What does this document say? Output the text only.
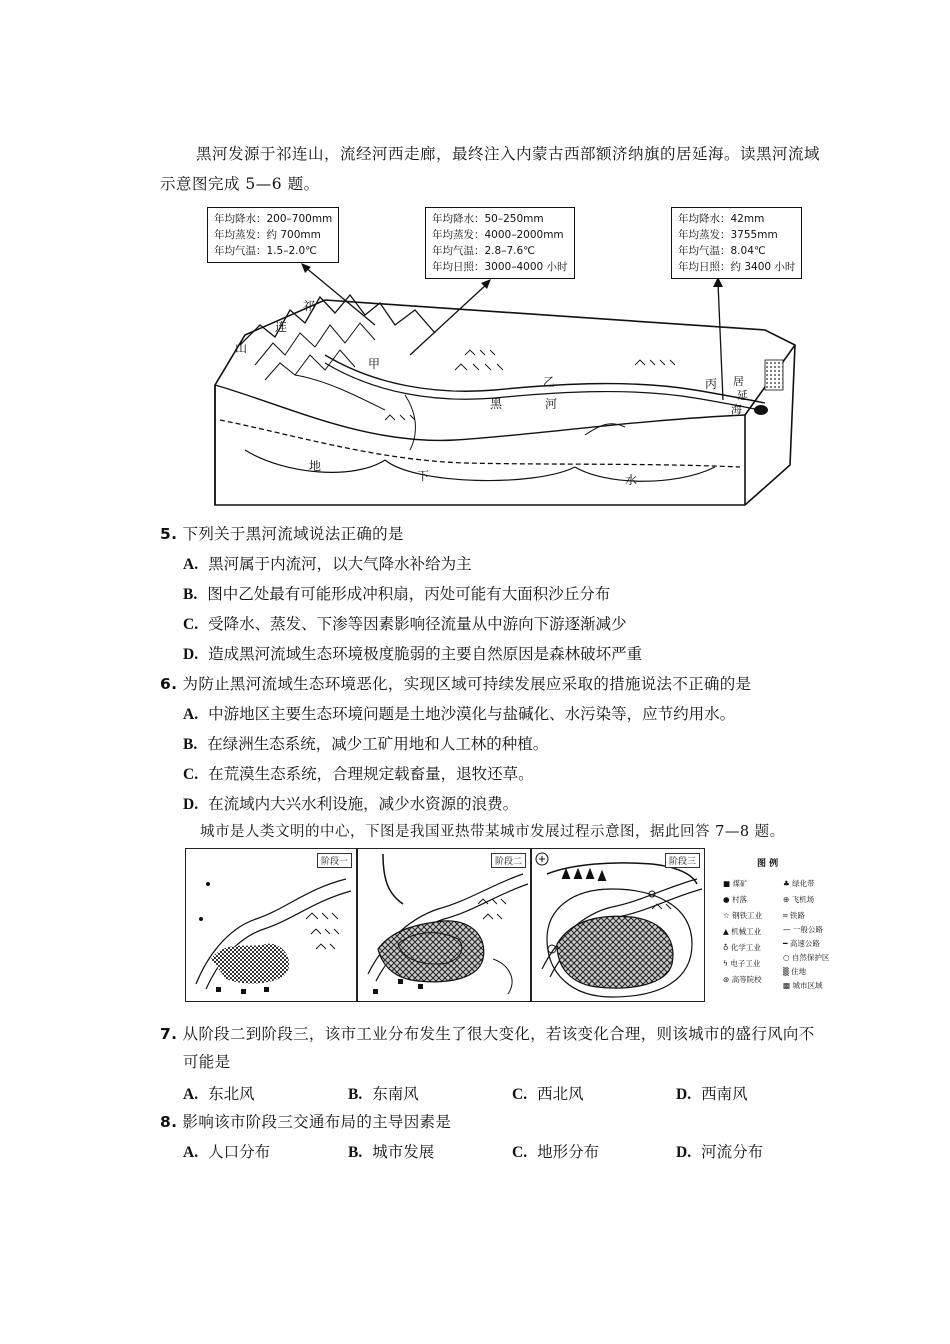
黑河发源于祁连山，流经河西走廊，最终注入内蒙古西部额济纳旗的居延海。读黑河流域
示意图完成 5—6 题。
年均降水：200–700mm
年均蒸发：约 700mm
年均气温：1.5–2.0℃
年均降水：50–250mm
年均蒸发：4000–2000mm
年均气温：2.8–7.6℃
年均日照：3000–4000 小时
年均降水：42mm
年均蒸发：3755mm
年均气温：8.04℃
年均日照：约 3400 小时
祁
连
山
甲
乙	丙
黑	河
居
延
海
地
下	水
5. 下列关于黑河流域说法正确的是
A. 黑河属于内流河，以大气降水补给为主
B. 图中乙处最有可能形成冲积扇，丙处可能有大面积沙丘分布
C. 受降水、蒸发、下渗等因素影响径流量从中游向下游逐渐减少
D. 造成黑河流域生态环境极度脆弱的主要自然原因是森林破坏严重
6. 为防止黑河流域生态环境恶化，实现区域可持续发展应采取的措施说法不正确的是
A. 中游地区主要生态环境问题是土地沙漠化与盐碱化、水污染等，应节约用水。
B. 在绿洲生态系统，减少工矿用地和人工林的种植。
C. 在荒漠生态系统，合理规定载畜量，退牧还草。
D. 在流域内大兴水利设施，减少水资源的浪费。
城市是人类文明的中心，下图是我国亚热带某城市发展过程示意图，据此回答 7—8 题。
阶段一	阶段二	阶段三	图 例
■ 煤矿
● 村落
☆ 钢铁工业
▲ 机械工业
♁ 化学工业
ϟ 电子工业
⊛ 高等院校
♣ 绿化带
⊕ 飞机场
═ 铁路
— 一般公路
━ 高速公路
○ 自然保护区
▒ 住地
▩ 城市区域
7. 从阶段二到阶段三，该市工业分布发生了很大变化，若该变化合理，则该城市的盛行风向不
可能是
A. 东北风	B. 东南风	C. 西北风	D. 西南风
8. 影响该市阶段三交通布局的主导因素是
A. 人口分布	B. 城市发展	C. 地形分布	D. 河流分布
